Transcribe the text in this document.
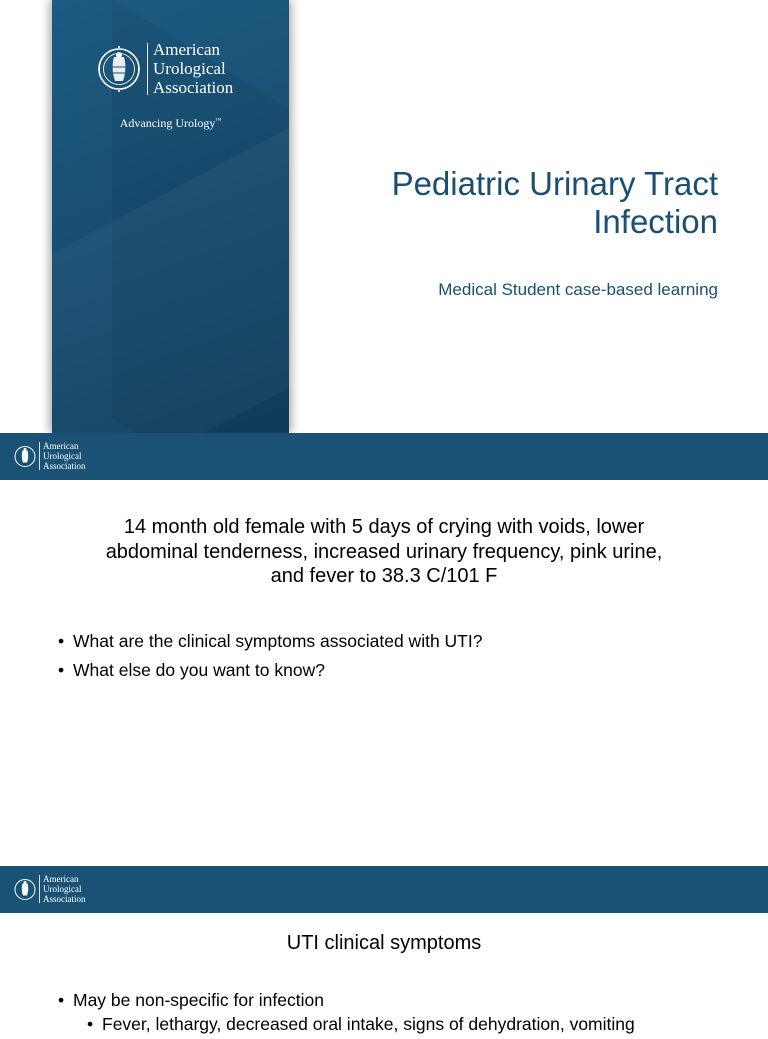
American
Urological
Association
Advancing Urology™
Pediatric Urinary Tract
Infection
Medical Student case-based learning
American
Urological
Association
14 month old female with 5 days of crying with voids, lower
abdominal tenderness, increased urinary frequency, pink urine,
and fever to 38.3 C/101 F
• What are the clinical symptoms associated with UTI?
• What else do you want to know?
American
Urological
Association
UTI clinical symptoms
• May be non-specific for infection
• Fever, lethargy, decreased oral intake, signs of dehydration, vomiting
